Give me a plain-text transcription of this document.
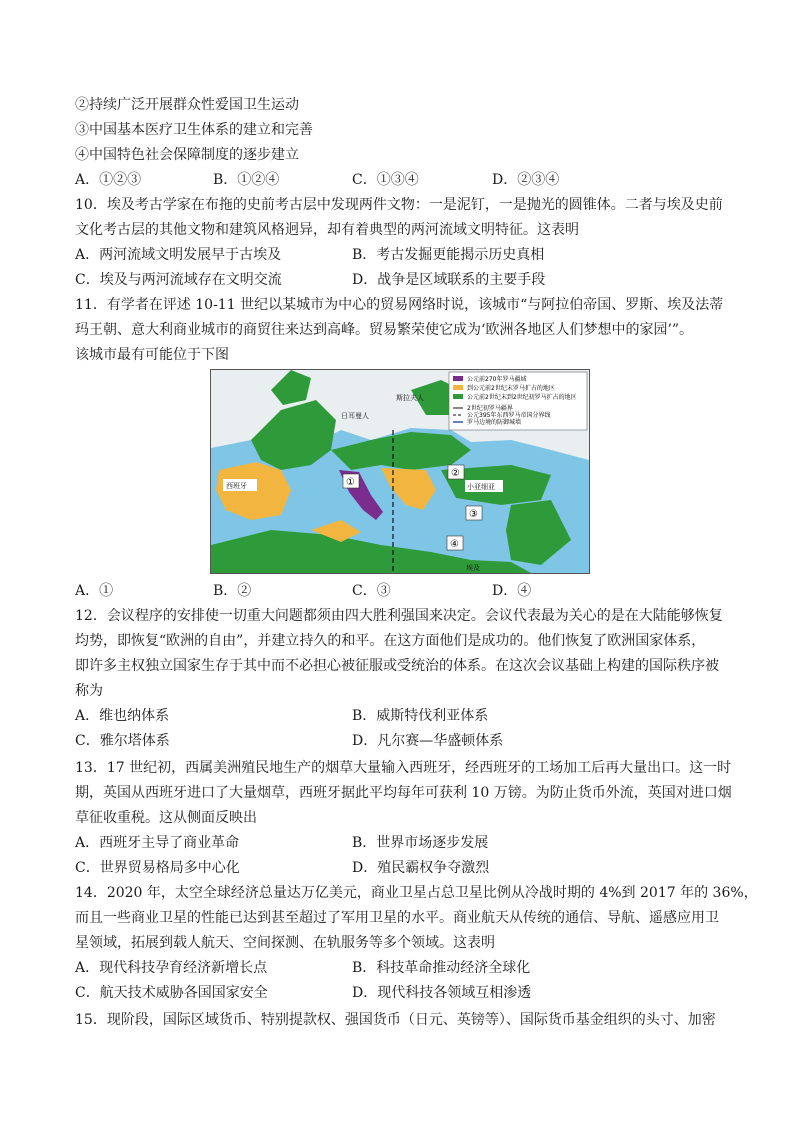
②持续广泛开展群众性爱国卫生运动
③中国基本医疗卫生体系的建立和完善
④中国特色社会保障制度的逐步建立
A．①②③	B．①②④	C．①③④	D．②③④
10．埃及考古学家在布拖的史前考古层中发现两件文物：一是泥钉，一是抛光的圆锥体。二者与埃及史前
文化考古层的其他文物和建筑风格迥异，却有着典型的两河流域文明特征。这表明
A．两河流域文明发展早于古埃及	B．考古发掘更能揭示历史真相
C．埃及与两河流域存在文明交流	D．战争是区域联系的主要手段
11．有学者在评述 10-11 世纪以某城市为中心的贸易网络时说，该城市“与阿拉伯帝国、罗斯、埃及法蒂
玛王朝、意大利商业城市的商贸往来达到高峰。贸易繁荣使它成为‘欧洲各地区人们梦想中的家园’”。
该城市最有可能位于下图
公元前270年罗马疆域
到公元前2世纪末罗马扩占的地区
公元前2世纪末到2世纪初罗马扩占的地区
2世纪初罗马疆界
公元395年东西罗马帝国分界线
罗马边境的防御城墙
日耳曼人
斯拉夫人
西班牙	小亚细亚
埃及
①
②
③
④
A．①	B．②	C．③	D．④
12．会议程序的安排使一切重大问题都须由四大胜利强国来决定。会议代表最为关心的是在大陆能够恢复
均势，即恢复“欧洲的自由”，并建立持久的和平。在这方面他们是成功的。他们恢复了欧洲国家体系，
即许多主权独立国家生存于其中而不必担心被征服或受统治的体系。在这次会议基础上构建的国际秩序被
称为
A．维也纳体系	B．威斯特伐利亚体系
C．雅尔塔体系	D．凡尔赛—华盛顿体系
13．17 世纪初，西属美洲殖民地生产的烟草大量输入西班牙，经西班牙的工场加工后再大量出口。这一时
期，英国从西班牙进口了大量烟草，西班牙据此平均每年可获利 10 万镑。为防止货币外流，英国对进口烟
草征收重税。这从侧面反映出
A．西班牙主导了商业革命	B．世界市场逐步发展
C．世界贸易格局多中心化	D．殖民霸权争夺激烈
14．2020 年，太空全球经济总量达万亿美元，商业卫星占总卫星比例从冷战时期的 4%到 2017 年的 36%，
而且一些商业卫星的性能已达到甚至超过了军用卫星的水平。商业航天从传统的通信、导航、遥感应用卫
星领域，拓展到载人航天、空间探测、在轨服务等多个领域。这表明
A．现代科技孕育经济新增长点	B．科技革命推动经济全球化
C．航天技术威胁各国国家安全	D．现代科技各领域互相渗透
15．现阶段，国际区域货币、特别提款权、强国货币（日元、英镑等）、国际货币基金组织的头寸、加密
